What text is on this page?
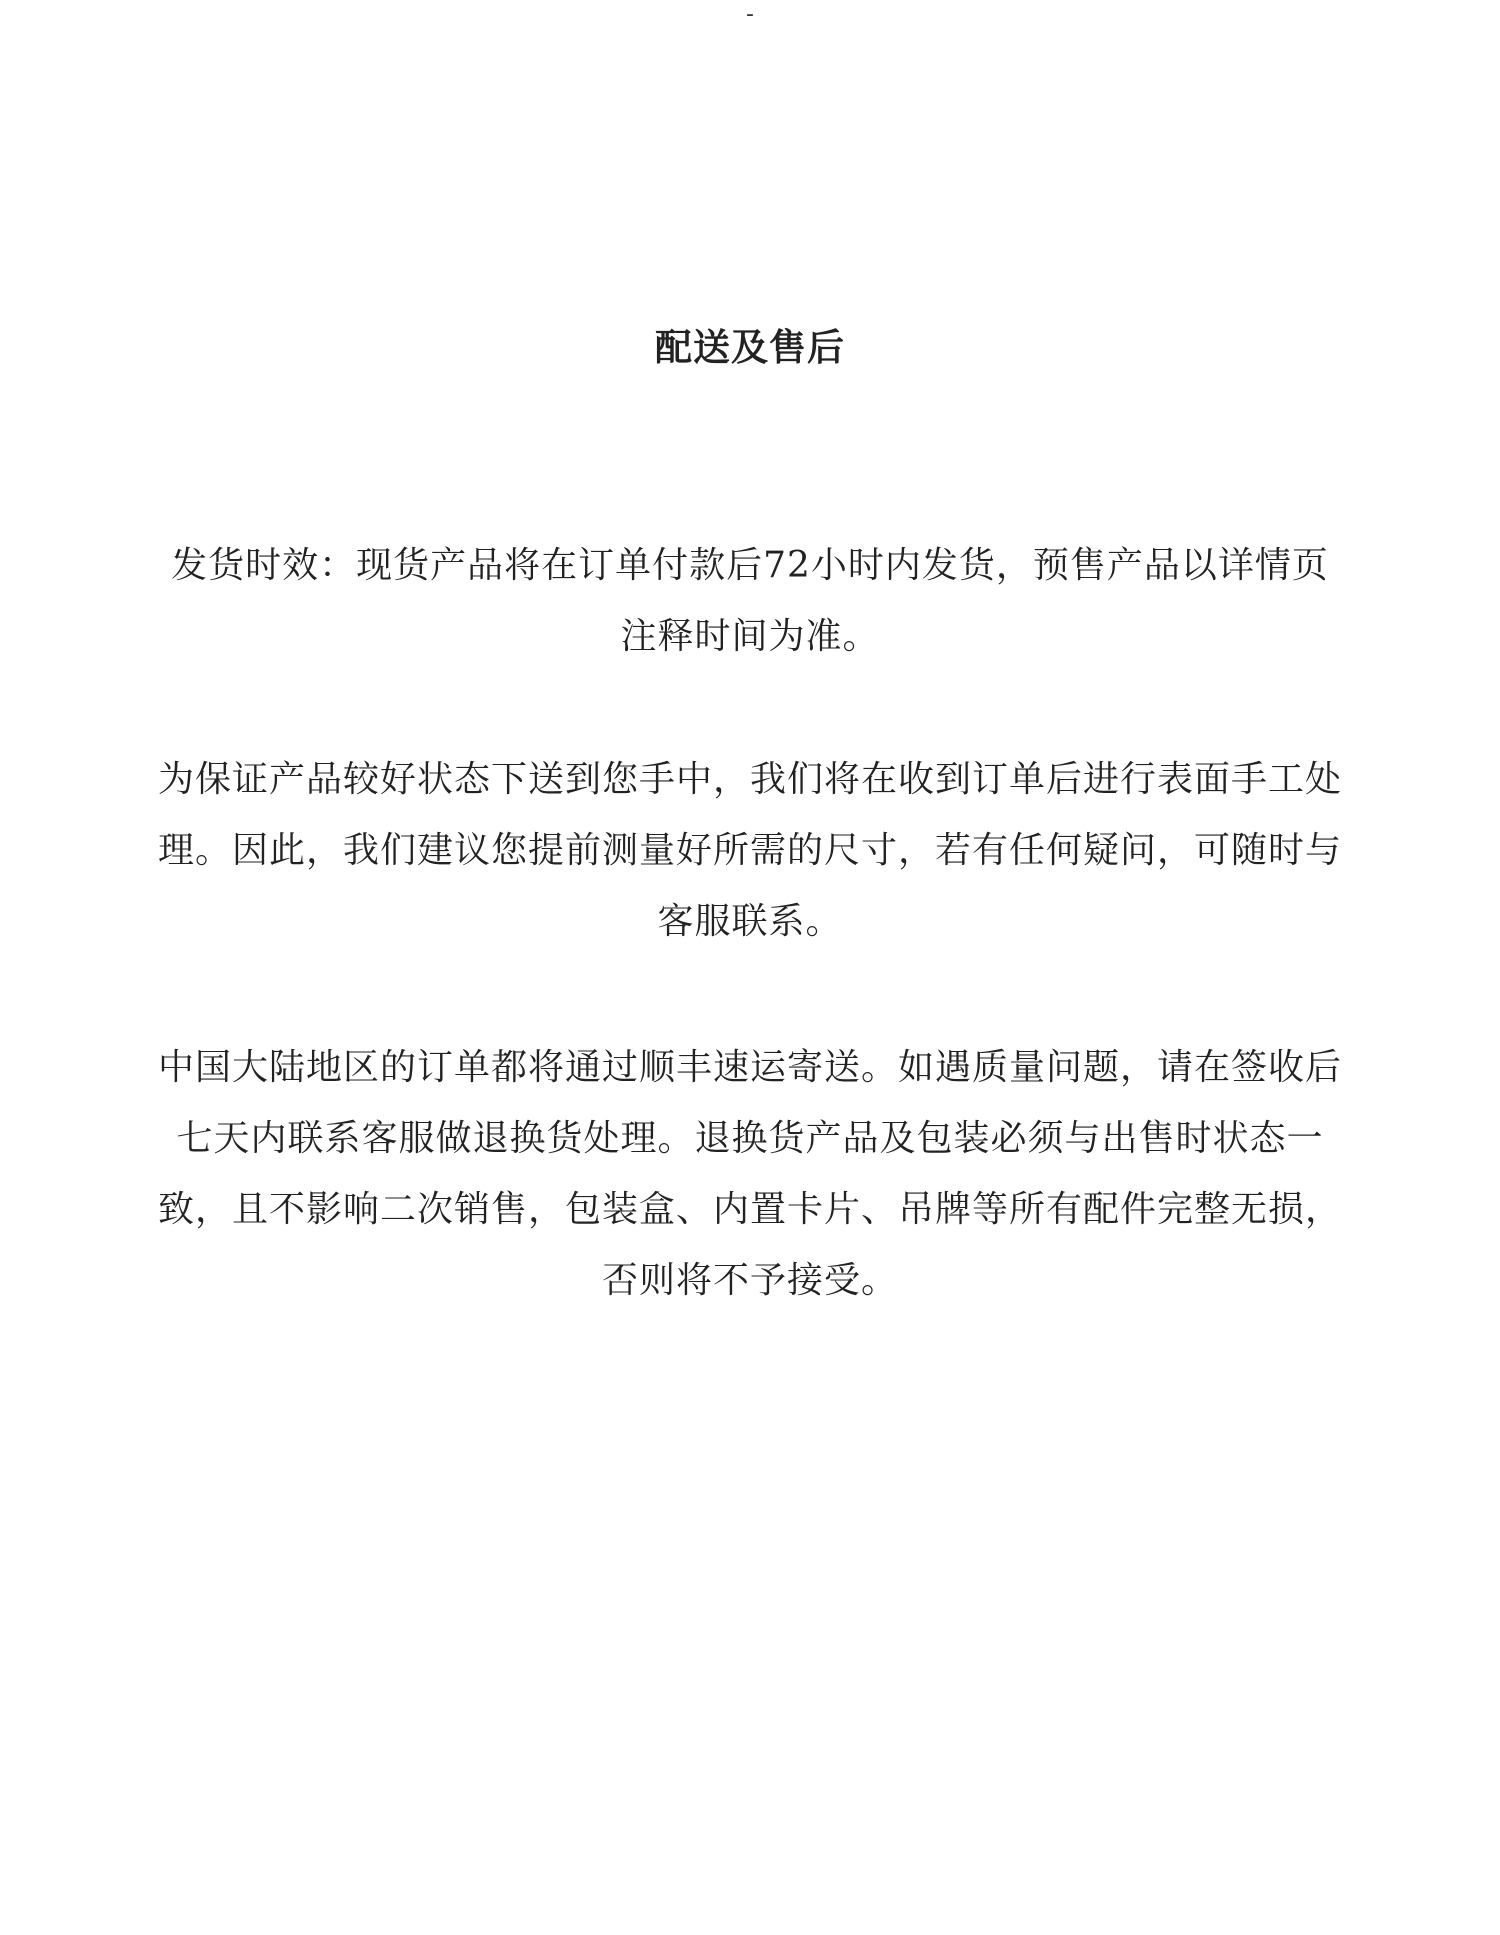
-
配送及售后

发货时效：现货产品将在订单付款后72小时内发货，预售产品以详情页注释时间为准。

为保证产品较好状态下送到您手中，我们将在收到订单后进行表面手工处理。因此，我们建议您提前测量好所需的尺寸，若有任何疑问，可随时与客服联系。

中国大陆地区的订单都将通过顺丰速运寄送。如遇质量问题，请在签收后七天内联系客服做退换货处理。退换货产品及包装必须与出售时状态一致，且不影响二次销售，包装盒、内置卡片、吊牌等所有配件完整无损，否则将不予接受。
